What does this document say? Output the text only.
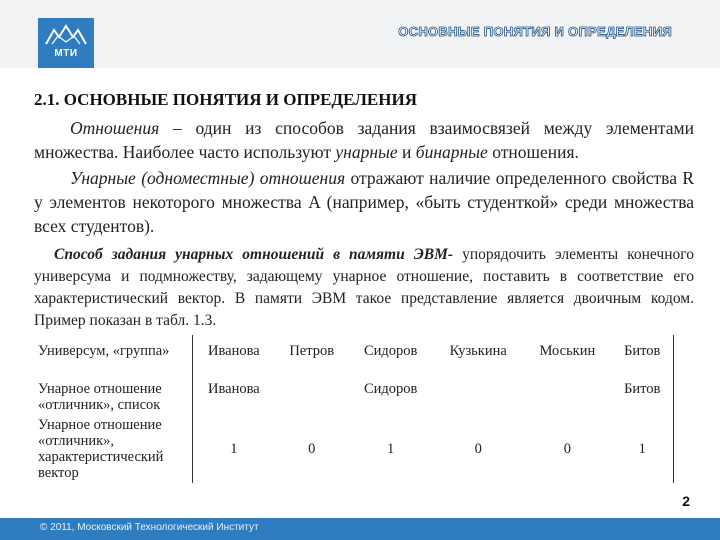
МТИ
ОСНОВНЫЕ ПОНЯТИЯ И ОПРЕДЕЛЕНИЯ
2.1. ОСНОВНЫЕ ПОНЯТИЯ И ОПРЕДЕЛЕНИЯ

Отношения – один из способов задания взаимосвязей между элементами множества. Наиболее часто используют унарные и бинарные отношения.

Унарные (одноместные) отношения отражают наличие определенного свойства R у элементов некоторого множества A (например, «быть студенткой» среди множества всех студентов).

Способ задания унарных отношений в памяти ЭВМ- упорядочить элементы конечного универсума и подмножеству, задающему унарное отношение, поставить в соответствие его характеристический вектор. В памяти ЭВМ такое представление является двоичным кодом. Пример показан в табл. 1.3.

Универсум, «группа»	Иванова	Петров	Сидоров	Кузькина	Моськин	Битов
Унарное отношение «отличник», список	Иванова		Сидоров			Битов
Унарное отношение «отличник», характеристический вектор	1	0	1	0	0	1
2
© 2011, Московский Технологический Институт
